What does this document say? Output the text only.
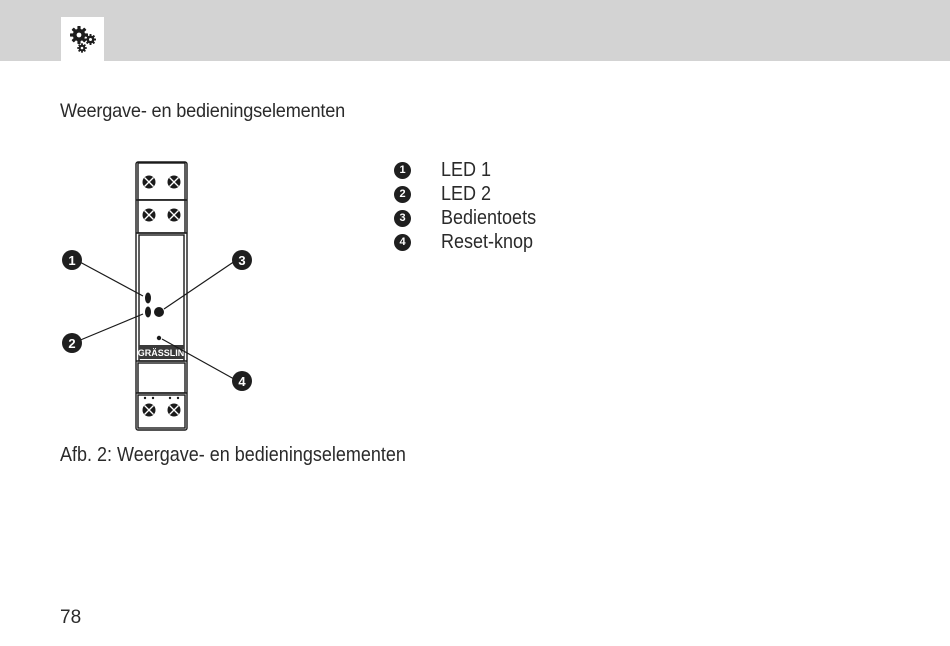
Weergave- en bedieningselementen
GRÄSSLIN
1
2
3
4
1 LED 1
2 LED 2
3 Bedientoets
4 Reset-knop

Afb. 2: Weergave- en bedieningselementen

78
